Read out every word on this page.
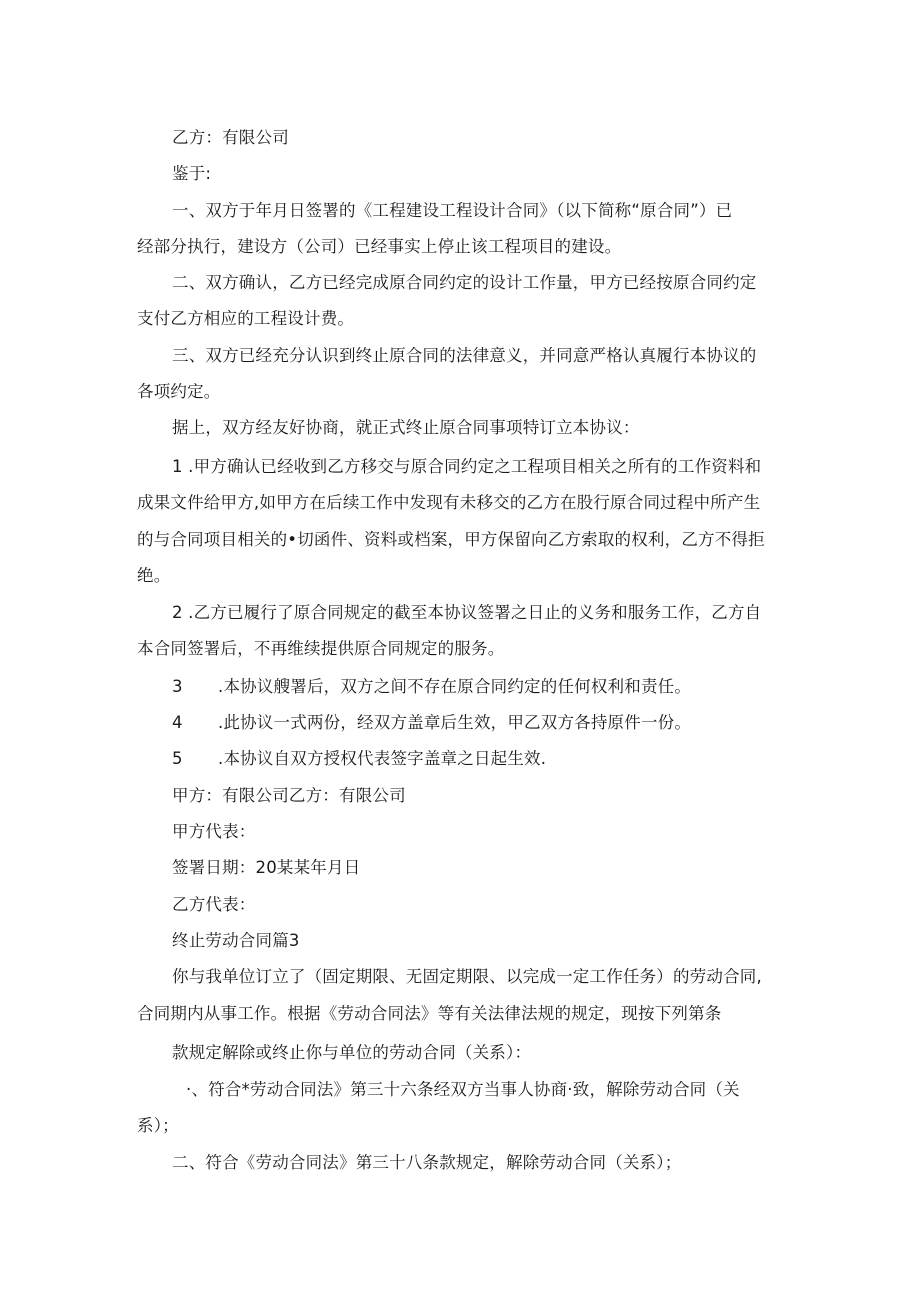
乙方：有限公司
鉴于:
一、双方于年月日签署的《工程建设工程设计合同》（以下简称“原合同”）已
经部分执行，建设方（公司）已经事实上停止该工程项目的建设。
二、双方确认，乙方已经完成原合同约定的设计工作量，甲方已经按原合同约定
支付乙方相应的工程设计费。
三、双方已经充分认识到终止原合同的法律意义，并同意严格认真履行本协议的
各项约定。
据上，双方经友好协商，就正式终止原合同事项特订立本协议：
1 .甲方确认已经收到乙方移交与原合同约定之工程项目相关之所有的工作资料和
成果文件给甲方,如甲方在后续工作中发现有未移交的乙方在股行原合同过程中所产生
的与合同项目相关的•切函件、资料或档案，甲方保留向乙方索取的权利，乙方不得拒
绝。
2 .乙方已履行了原合同规定的截至本协议签署之日止的义务和服务工作，乙方自
本合同签署后，不再维续提供原合同规定的服务。
3 .本协议艘署后，双方之间不存在原合同约定的任何权利和责任。
4 .此协议一式两份，经双方盖章后生效，甲乙双方各持原件一份。
5 .本协议自双方授权代表签字盖章之日起生效.
甲方：有限公司乙方：有限公司
甲方代表：
签署日期：20某某年月日
乙方代表：
终止劳动合同篇3
你与我单位订立了（固定期限、无固定期限、以完成一定工作任务）的劳动合同,
合同期内从事工作。根据《劳动合同法》等有关法律法规的规定，现按下列第条
款规定解除或终止你与单位的劳动合同（关系）：
·、符合*劳动合同法》第三十六条经双方当事人协商·致，解除劳动合同（关
系）；
二、符合《劳动合同法》第三十八条款规定，解除劳动合同（关系）；
